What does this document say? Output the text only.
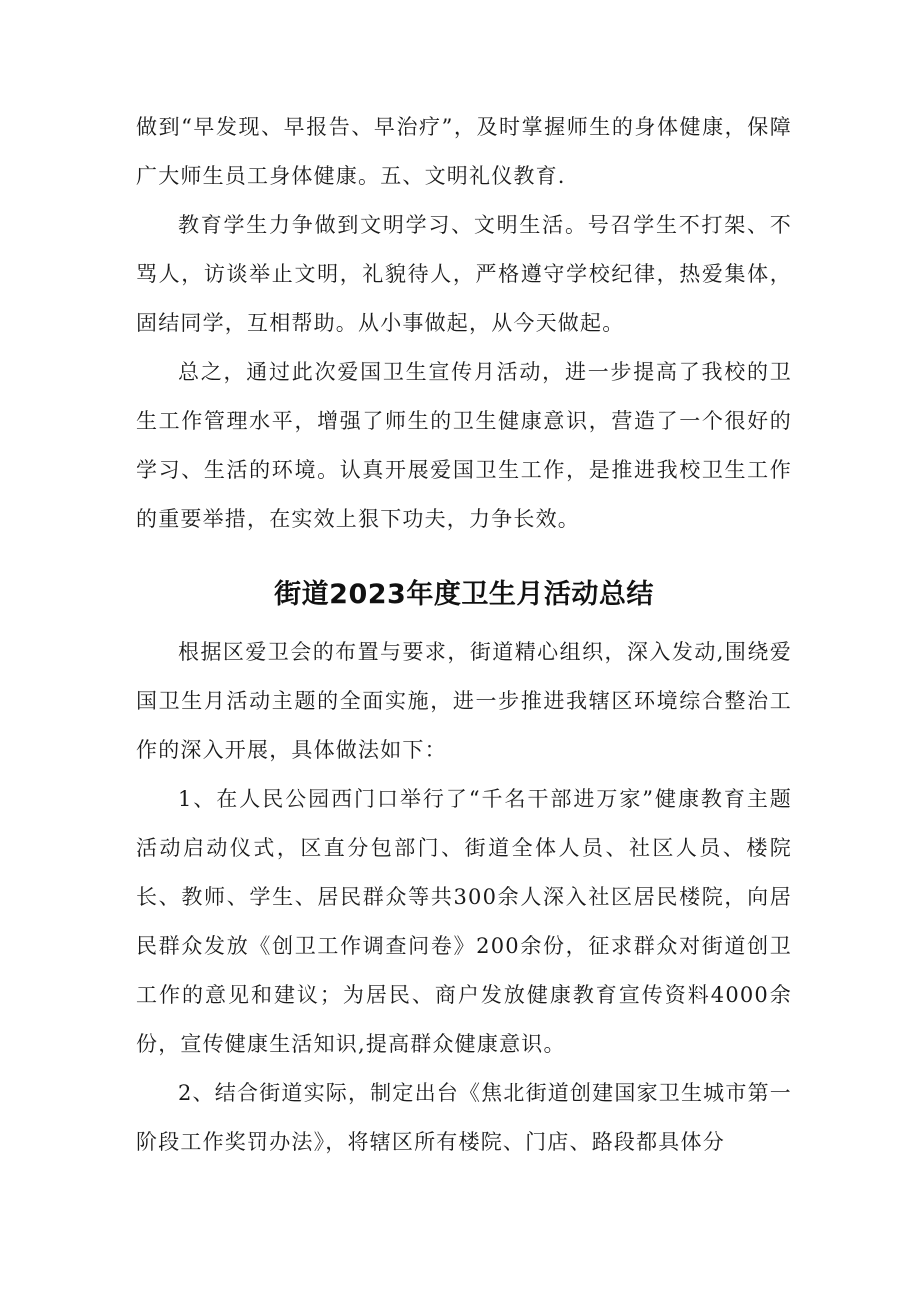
做到“早发现、早报告、早治疗”，及时掌握师生的身体健康，保障广大师生员工身体健康。五、文明礼仪教育.

教育学生力争做到文明学习、文明生活。号召学生不打架、不骂人，访谈举止文明，礼貌待人，严格遵守学校纪律，热爱集体，固结同学，互相帮助。从小事做起，从今天做起。

总之，通过此次爱国卫生宣传月活动，进一步提高了我校的卫生工作管理水平，增强了师生的卫生健康意识，营造了一个很好的学习、生活的环境。认真开展爱国卫生工作，是推进我校卫生工作的重要举措，在实效上狠下功夫，力争长效。

街道2023年度卫生月活动总结

根据区爱卫会的布置与要求，街道精心组织，深入发动,围绕爱国卫生月活动主题的全面实施，进一步推进我辖区环境综合整治工作的深入开展，具体做法如下：

1、在人民公园西门口举行了“千名干部进万家”健康教育主题活动启动仪式，区直分包部门、街道全体人员、社区人员、楼院长、教师、学生、居民群众等共300余人深入社区居民楼院，向居民群众发放《创卫工作调查问卷》200余份，征求群众对街道创卫工作的意见和建议；为居民、商户发放健康教育宣传资料4000余份，宣传健康生活知识,提高群众健康意识。

2、结合街道实际，制定出台《焦北街道创建国家卫生城市第一阶段工作奖罚办法》，将辖区所有楼院、门店、路段都具体分
